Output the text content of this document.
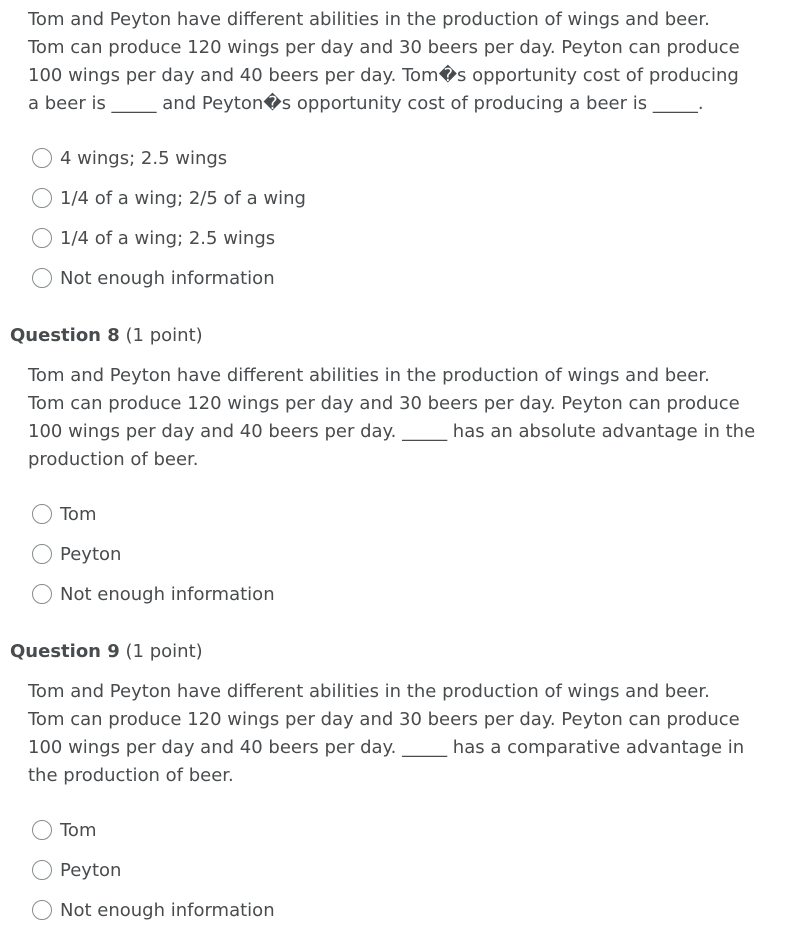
Tom and Peyton have different abilities in the production of wings and beer.
Tom can produce 120 wings per day and 30 beers per day. Peyton can produce
100 wings per day and 40 beers per day. Tom�s opportunity cost of producing
a beer is _____ and Peyton�s opportunity cost of producing a beer is _____.
4 wings; 2.5 wings
1/4 of a wing; 2/5 of a wing
1/4 of a wing; 2.5 wings
Not enough information
Question 8 (1 point)
Tom and Peyton have different abilities in the production of wings and beer.
Tom can produce 120 wings per day and 30 beers per day. Peyton can produce
100 wings per day and 40 beers per day. _____ has an absolute advantage in the
production of beer.
Tom
Peyton
Not enough information
Question 9 (1 point)
Tom and Peyton have different abilities in the production of wings and beer.
Tom can produce 120 wings per day and 30 beers per day. Peyton can produce
100 wings per day and 40 beers per day. _____ has a comparative advantage in
the production of beer.
Tom
Peyton
Not enough information
